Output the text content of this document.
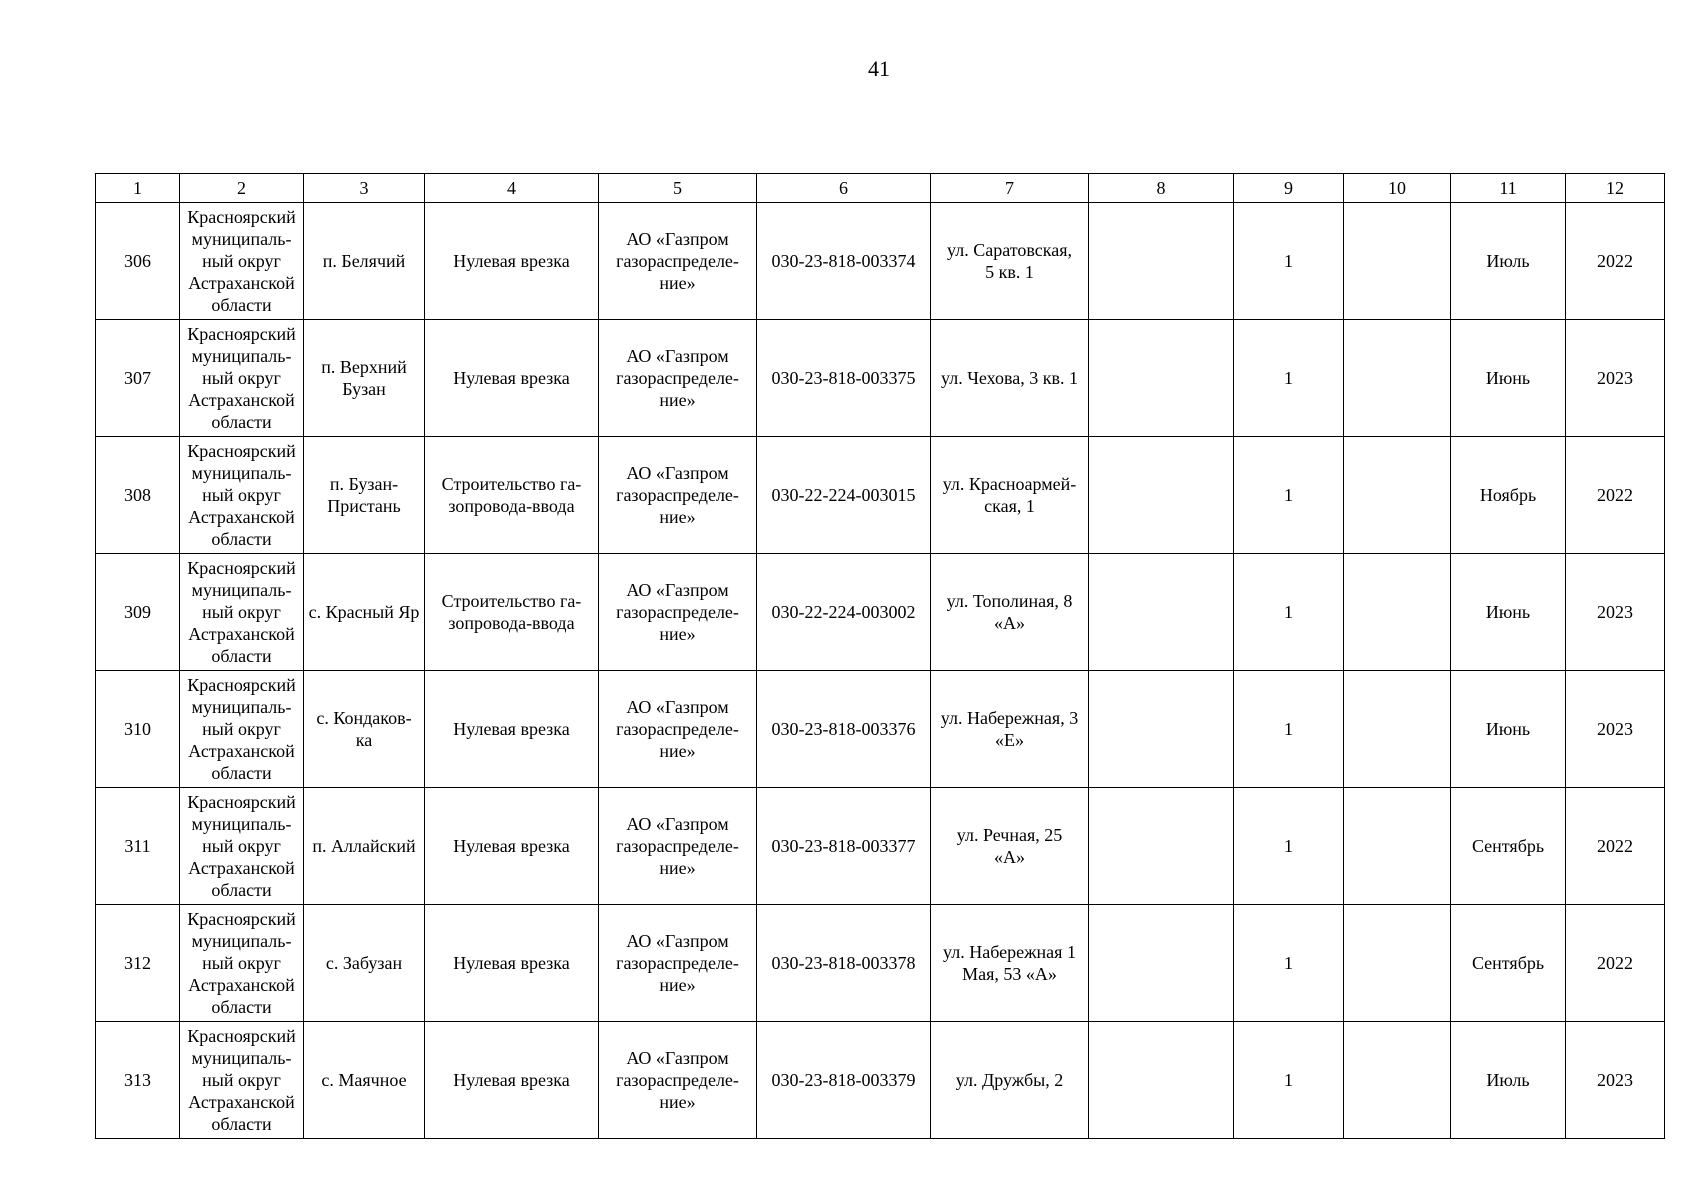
41
1	2	3	4	5	6	7	8	9	10	11	12
306	Красноярский
муниципаль-
ный округ
Астраханской
области	п. Белячий	Нулевая врезка	АО «Газпром
газораспределе-
ние»	030-23-818-003374	ул. Саратовская,
5 кв. 1		1		Июль	2022
307	Красноярский
муниципаль-
ный округ
Астраханской
области	п. Верхний
Бузан	Нулевая врезка	АО «Газпром
газораспределе-
ние»	030-23-818-003375	ул. Чехова, 3 кв. 1		1		Июнь	2023
308	Красноярский
муниципаль-
ный округ
Астраханской
области	п. Бузан-
Пристань	Строительство га-
зопровода-ввода	АО «Газпром
газораспределе-
ние»	030-22-224-003015	ул. Красноармей-
ская, 1		1		Ноябрь	2022
309	Красноярский
муниципаль-
ный округ
Астраханской
области	с. Красный Яр	Строительство га-
зопровода-ввода	АО «Газпром
газораспределе-
ние»	030-22-224-003002	ул. Тополиная, 8
«А»		1		Июнь	2023
310	Красноярский
муниципаль-
ный округ
Астраханской
области	с. Кондаков-
ка	Нулевая врезка	АО «Газпром
газораспределе-
ние»	030-23-818-003376	ул. Набережная, 3
«Е»		1		Июнь	2023
311	Красноярский
муниципаль-
ный округ
Астраханской
области	п. Аллайский	Нулевая врезка	АО «Газпром
газораспределе-
ние»	030-23-818-003377	ул. Речная, 25
«А»		1		Сентябрь	2022
312	Красноярский
муниципаль-
ный округ
Астраханской
области	с. Забузан	Нулевая врезка	АО «Газпром
газораспределе-
ние»	030-23-818-003378	ул. Набережная 1
Мая, 53 «А»		1		Сентябрь	2022
313	Красноярский
муниципаль-
ный округ
Астраханской
области	с. Маячное	Нулевая врезка	АО «Газпром
газораспределе-
ние»	030-23-818-003379	ул. Дружбы, 2		1		Июль	2023
